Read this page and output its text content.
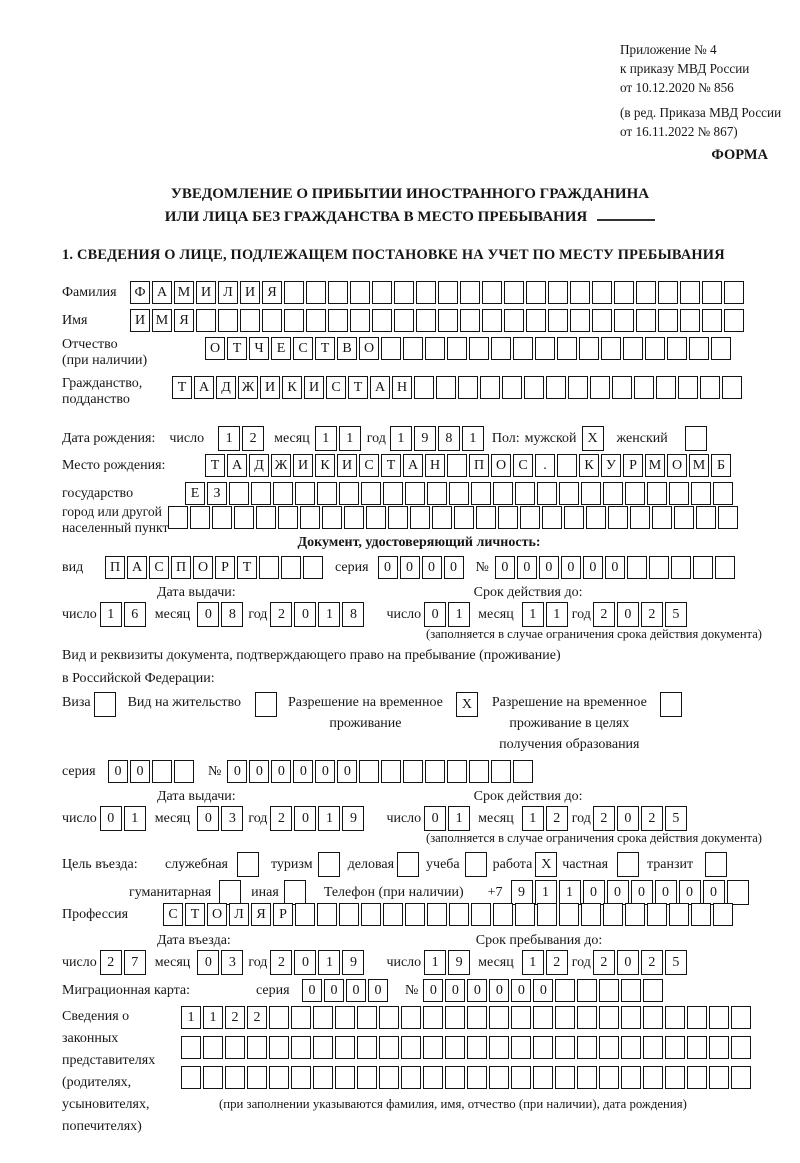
Приложение № 4
к приказу МВД России
от 10.12.2020 № 856
(в ред. Приказа МВД России
от 16.11.2022 № 867)
ФОРМА
УВЕДОМЛЕНИЕ О ПРИБЫТИИ ИНОСТРАННОГО ГРАЖДАНИНА
ИЛИ ЛИЦА БЕЗ ГРАЖДАНСТВА В МЕСТО ПРЕБЫВАНИЯ
1. СВЕДЕНИЯ О ЛИЦЕ, ПОДЛЕЖАЩЕМ ПОСТАНОВКЕ НА УЧЕТ ПО МЕСТУ ПРЕБЫВАНИЯ
Фамилия	Ф А М И Л И Я
Имя	И М Я
Отчество
(при наличии)
О Т Ч Е С Т В О
Гражданство,
подданство
Т А Д Ж И К И С Т А Н
Дата рождения: число	1	2	месяц 1	1 год 1	9	8	1	Пол: мужской X	женский
Место рождения:	Т А Д Ж И К И С Т А Н	П О С	.	К У Р М О М Б
государство	Е	З
город или другой
населенный пункт
Документ, удостоверяющий личность:
вид	П А С П О Р Т	серия	0	0	0	0	№ 0	0	0	0	0	0
Дата выдачи:	Срок действия до:
число 1	6	месяц	0	8 год 2	0	1	8	число 0	1	месяц	1	1 год 2	0	2	5
(заполняется в случае ограничения срока действия документа)
Вид и реквизиты документа, подтверждающего право на пребывание (проживание)
в Российской Федерации:
Виза	Вид на жительство	Разрешение на временное
проживание
X	Разрешение на временное
проживание в целях
получения образования
серия	0	0	№ 0	0	0	0	0	0
Дата выдачи:	Срок действия до:
число 0	1	месяц	0	3 год 2	0	1	9	число 0	1	месяц	1	2 год 2	0	2	5
(заполняется в случае ограничения срока действия документа)
Цель въезда:	служебная	туризм	деловая учеба работа X частная	транзит
гуманитарная	иная	Телефон (при наличии) +7	9	1	1	0	0	0	0	0	0
Профессия	С Т О Л Я Р
Дата въезда:	Срок пребывания до:
число 2	7	месяц	0	3 год 2	0	1	9	число 1	9	месяц	1	2 год 2	0	2	5
Миграционная карта:	серия	0	0	0	0	№ 0	0	0	0	0	0
Сведения о
законных
представителях
(родителях,
усыновителях,
попечителях)
1	1	2	2
(при заполнении указываются фамилия, имя, отчество (при наличии), дата рождения)
